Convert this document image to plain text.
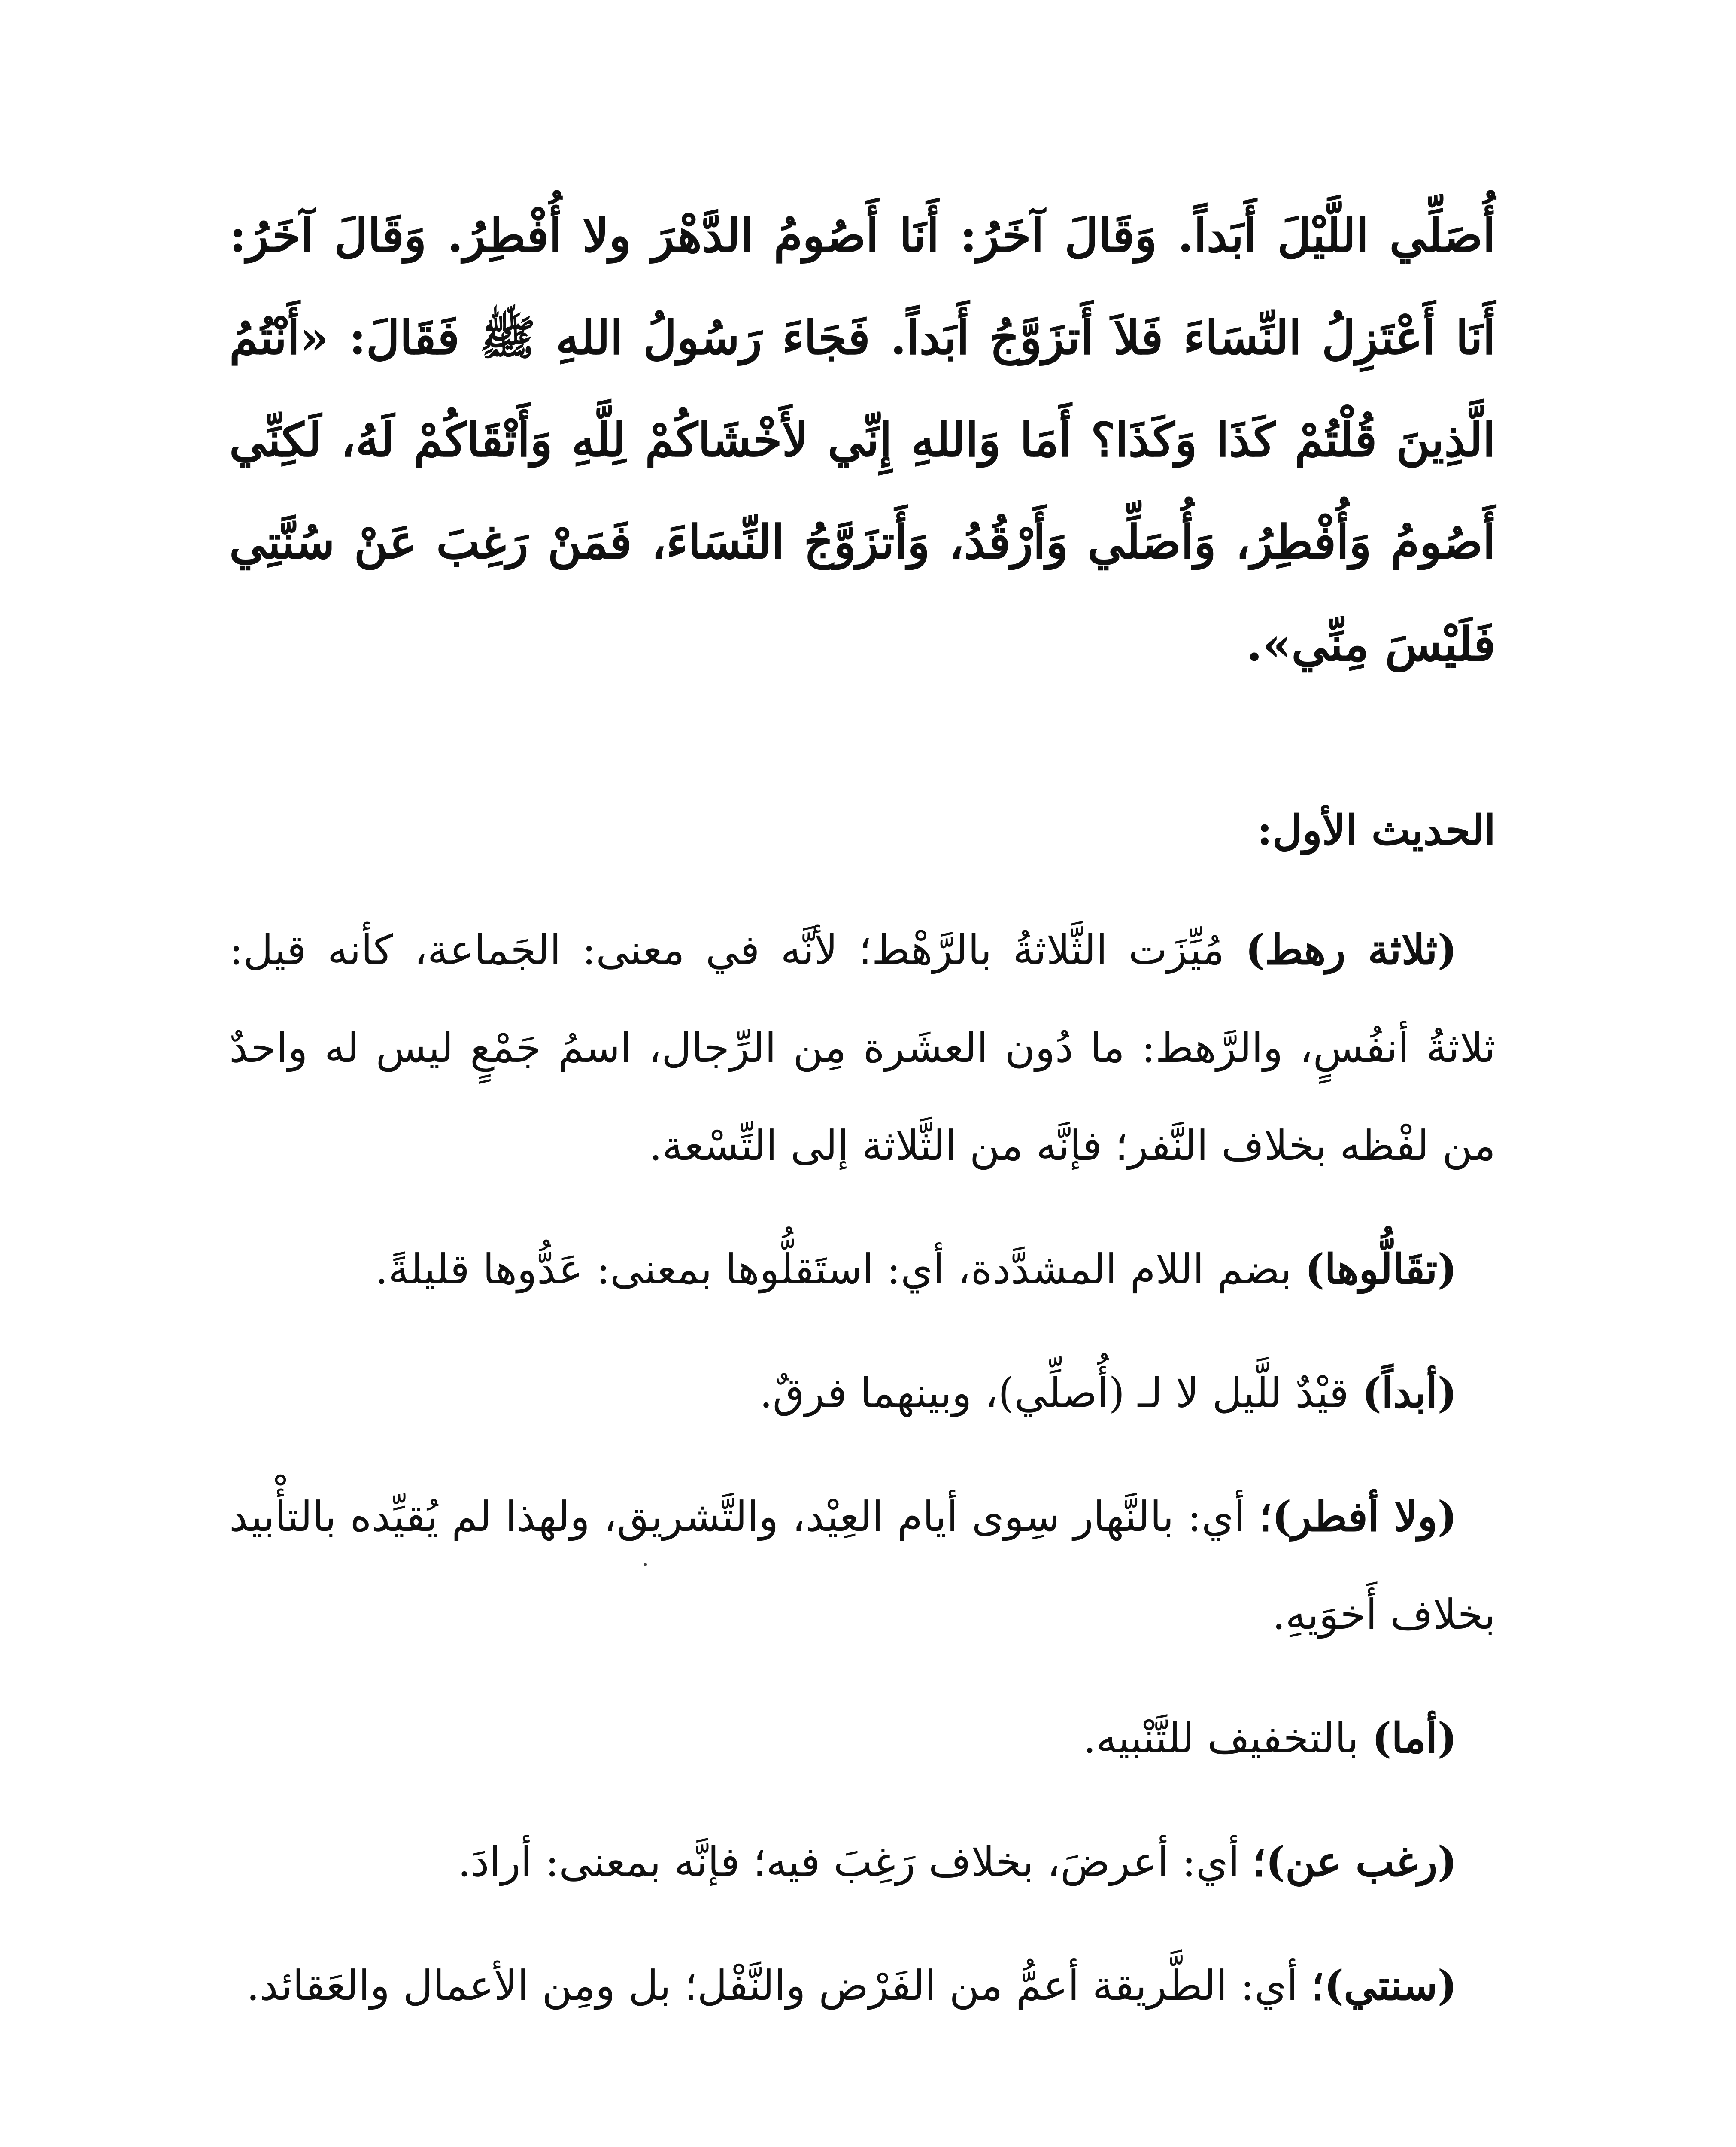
أُصَلِّي اللَّيْلَ أَبَداً. وَقَالَ آخَرُ: أَنَا أَصُومُ الدَّهْرَ ولا أُفْطِرُ. وَقَالَ آخَرُ: أَنَا أَعْتَزِلُ النِّسَاءَ فَلاَ أَتزَوَّجُ أَبَداً. فَجَاءَ رَسُولُ اللهِ ﷺ فَقَالَ: «أَنْتُمُ الَّذِينَ قُلْتُمْ كَذَا وَكَذَا؟ أَمَا وَاللهِ إِنِّي لأَخْشَاكُمْ لِلَّهِ وَأَتْقَاكُمْ لَهُ، لَكِنِّي أَصُومُ وَأُفْطِرُ، وَأُصَلِّي وَأَرْقُدُ، وَأَتزَوَّجُ النِّسَاءَ، فَمَنْ رَغِبَ عَنْ سُنَّتِي فَلَيْسَ مِنِّي».

الحديث الأول:

(ثلاثة رهط) مُيِّزَت الثَّلاثةُ بالرَّهْط؛ لأنَّه في معنى: الجَماعة، كأنه قيل: ثلاثةُ أنفُسٍ، والرَّهط: ما دُون العشَرة مِن الرِّجال، اسمُ جَمْعٍ ليس له واحدٌ من لفْظه بخلاف النَّفر؛ فإنَّه من الثَّلاثة إلى التِّسْعة.

(تقَالُّوها) بضم اللام المشدَّدة، أي: استَقلُّوها بمعنى: عَدُّوها قليلةً.

(أبداً) قيْدٌ للَّيل لا لـ (أُصلِّي)، وبينهما فرقٌ.

(ولا أفطر)؛ أي: بالنَّهار سِوى أيام العِيْد، والتَّشريق، ولهذا لم يُقيِّده بالتأْبيد بخلاف أَخوَيهِ.

(أما) بالتخفيف للتَّنْبيه.

(رغب عن)؛ أي: أعرضَ، بخلاف رَغِبَ فيه؛ فإنَّه بمعنى: أرادَ.

(سنتي)؛ أي: الطَّريقة أعمُّ من الفَرْض والنَّفْل؛ بل ومِن الأعمال والعَقائد.
